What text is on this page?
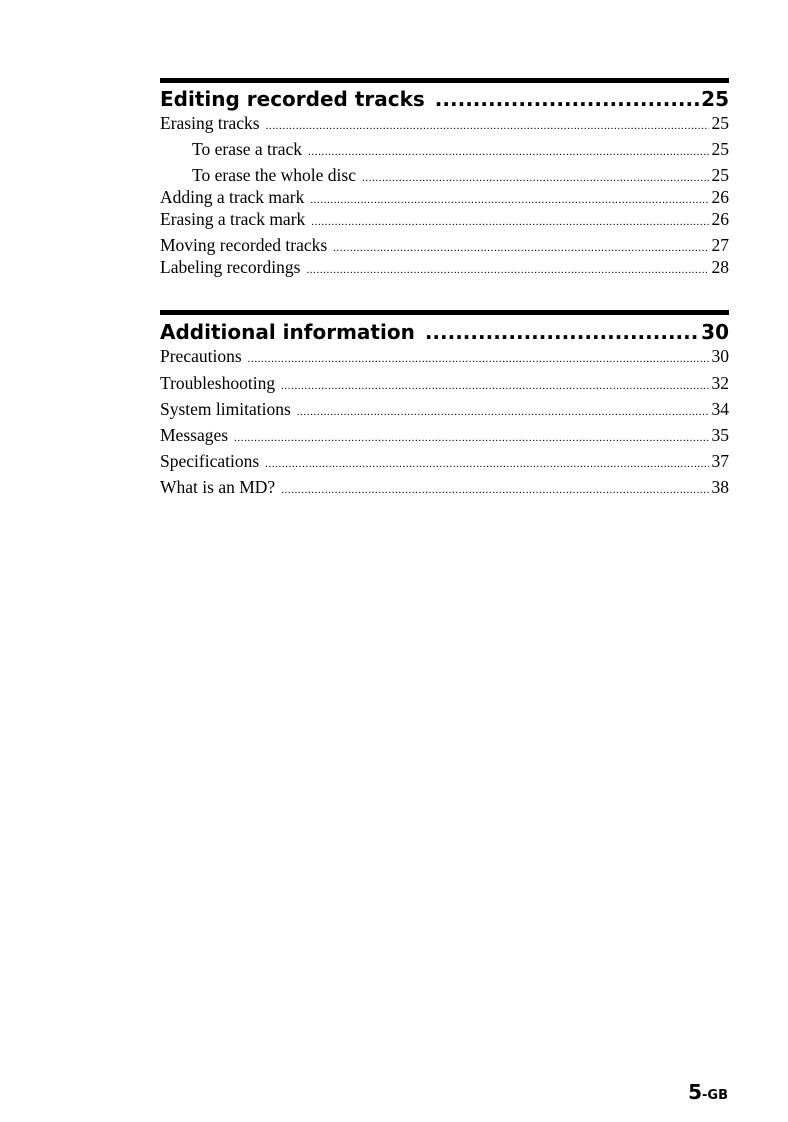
Editing recorded tracks .....	25
Erasing tracks .....	25
To erase a track .....	25
To erase the whole disc .....	25
Adding a track mark .....	26
Erasing a track mark .....	26
Moving recorded tracks .....	27
Labeling recordings .....	28
Additional information .....	30
Precautions .....	30
Troubleshooting .....	32
System limitations .....	34
Messages .....	35
Specifications .....	37
What is an MD? .....	38
5-GB
